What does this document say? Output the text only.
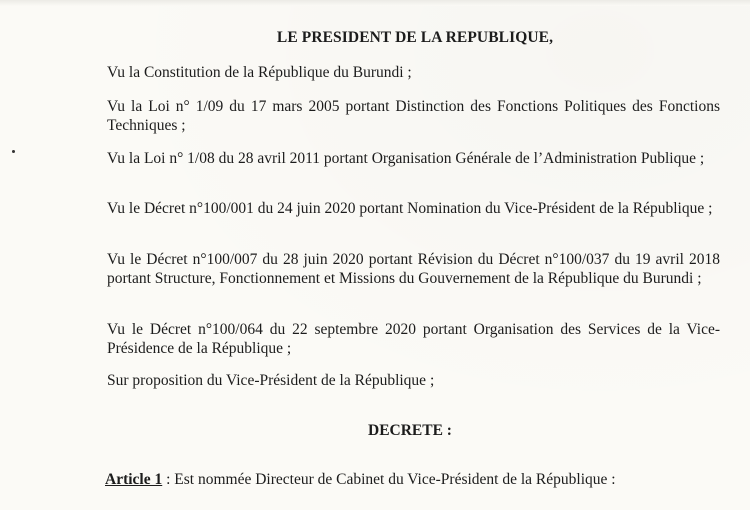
LE PRESIDENT DE LA REPUBLIQUE,

Vu la Constitution de la République du Burundi ;

Vu la Loi n° 1/09 du 17 mars 2005 portant Distinction des Fonctions Politiques des Fonctions Techniques ;

Vu la Loi n° 1/08 du 28 avril 2011 portant Organisation Générale de l’Administration Publique ;

Vu le Décret n°100/001 du 24 juin 2020 portant Nomination du Vice-Président de la République ;

Vu le Décret n°100/007 du 28 juin 2020 portant Révision du Décret n°100/037 du 19 avril 2018 portant Structure, Fonctionnement et Missions du Gouvernement de la République du Burundi ;

Vu le Décret n°100/064 du 22 septembre 2020 portant Organisation des Services de la Vice-Présidence de la République ;

Sur proposition du Vice-Président de la République ;

DECRETE :
Article 1 : Est nommée Directeur de Cabinet du Vice-Président de la République :
